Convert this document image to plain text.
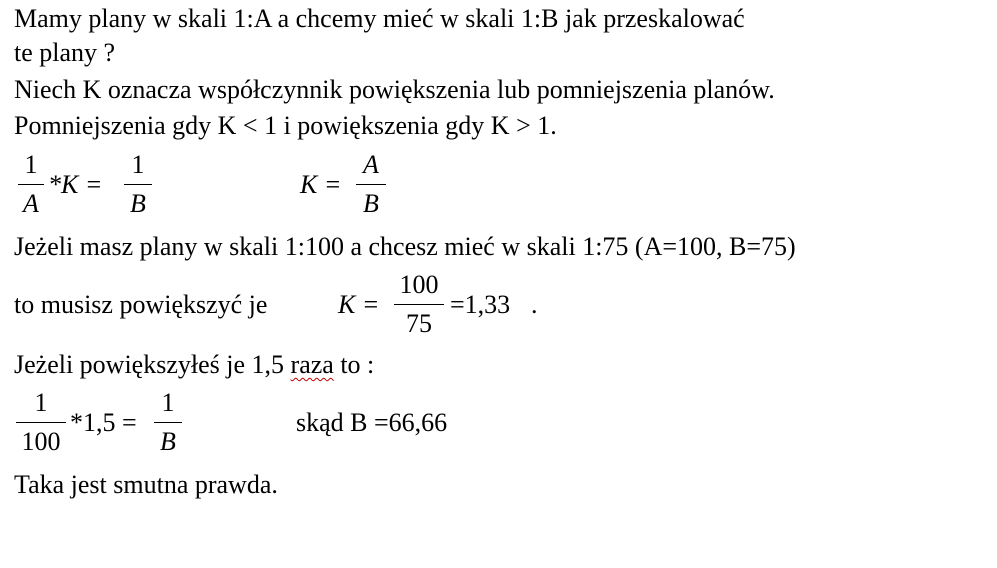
Mamy plany w skali 1:A a chcemy mieć w skali 1:B jak przeskalować
te plany ?
Niech K oznacza współczynnik powiększenia lub pomniejszenia planów.
Pomniejszenia gdy K < 1 i powiększenia gdy K > 1.
1
A
*K =
1
B
K =
A
B
Jeżeli masz plany w skali 1:100 a chcesz mieć w skali 1:75 (A=100, B=75)
to musisz powiększyć je	K =
100
75
=1,33 .
Jeżeli powiększyłeś je 1,5 raza to :
1
100
*1,5 =
1
B
skąd B =66,66
Taka jest smutna prawda.
